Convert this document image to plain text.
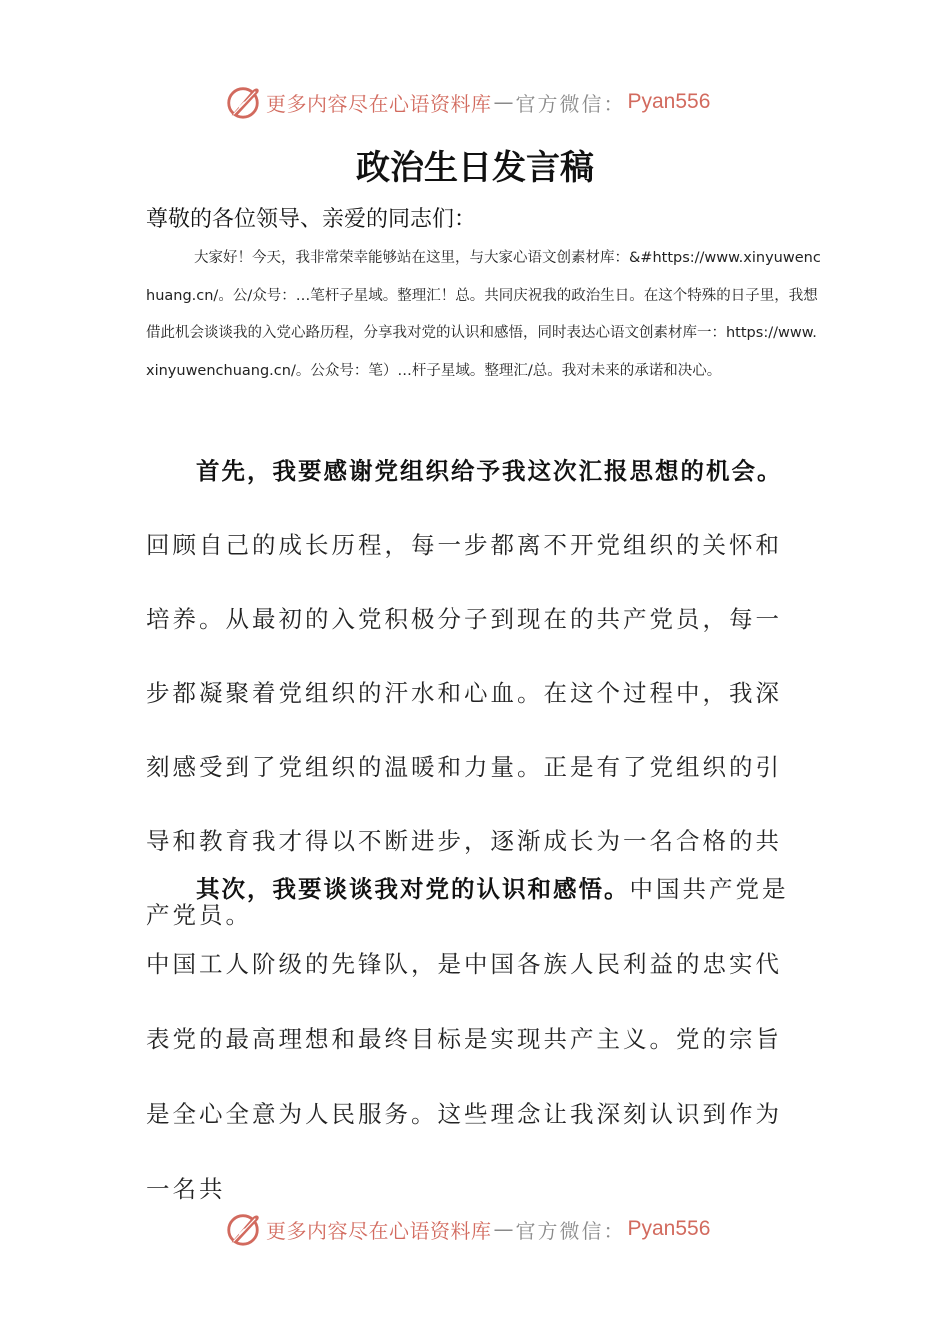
更多内容尽在心语资料库 — 官方微信： Pyan556
政治生日发言稿

尊敬的各位领导、亲爱的同志们：

大家好！今天，我非常荣幸能够站在这里，与大家心语文创素材库：&#https://www.xinyuwenchuang.cn/。公/众号：…笔杆子星域。整理汇！总。共同庆祝我的政治生日。在这个特殊的日子里，我想借此机会谈谈我的入党心路历程，分享我对党的认识和感悟，同时表达心语文创素材库一：https://www.xinyuwenchuang.cn/。公众号：笔）…杆子星域。整理汇/总。我对未来的承诺和决心。

首先，我要感谢党组织给予我这次汇报思想的机会。回顾自己的成长历程，每一步都离不开党组织的关怀和培养。从最初的入党积极分子到现在的共产党员，每一步都凝聚着党组织的汗水和心血。在这个过程中，我深刻感受到了党组织的温暖和力量。正是有了党组织的引导和教育我才得以不断进步，逐渐成长为一名合格的共产党员。

其次，我要谈谈我对党的认识和感悟。中国共产党是中国工人阶级的先锋队，是中国各族人民利益的忠实代表党的最高理想和最终目标是实现共产主义。党的宗旨是全心全意为人民服务。这些理念让我深刻认识到作为一名共

更多内容尽在心语资料库 — 官方微信： Pyan556
